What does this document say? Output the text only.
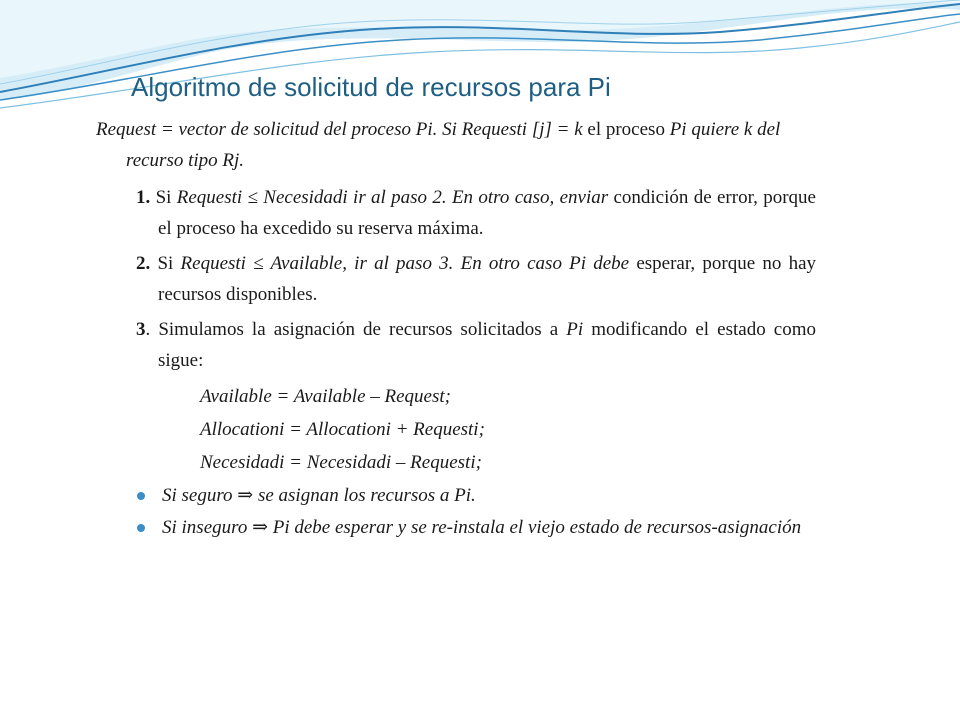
Algoritmo de solicitud de recursos para Pi

Request = vector de solicitud del proceso Pi. Si Requesti [j] = k el proceso Pi quiere k del recurso tipo Rj.

1. Si Requesti ≤ Necesidadi ir al paso 2. En otro caso, enviar condición de error, porque el proceso ha excedido su reserva máxima.
2. Si Requesti ≤ Available, ir al paso 3. En otro caso Pi debe esperar, porque no hay recursos disponibles.
3. Simulamos la asignación de recursos solicitados a Pi modificando el estado como sigue:
Available = Available – Request;
Allocationi = Allocationi + Requesti;
Necesidadi = Necesidadi – Requesti;
Si seguro ⇒ se asignan los recursos a Pi.
Si inseguro ⇒ Pi debe esperar y se re-instala el viejo estado de recursos-asignación
